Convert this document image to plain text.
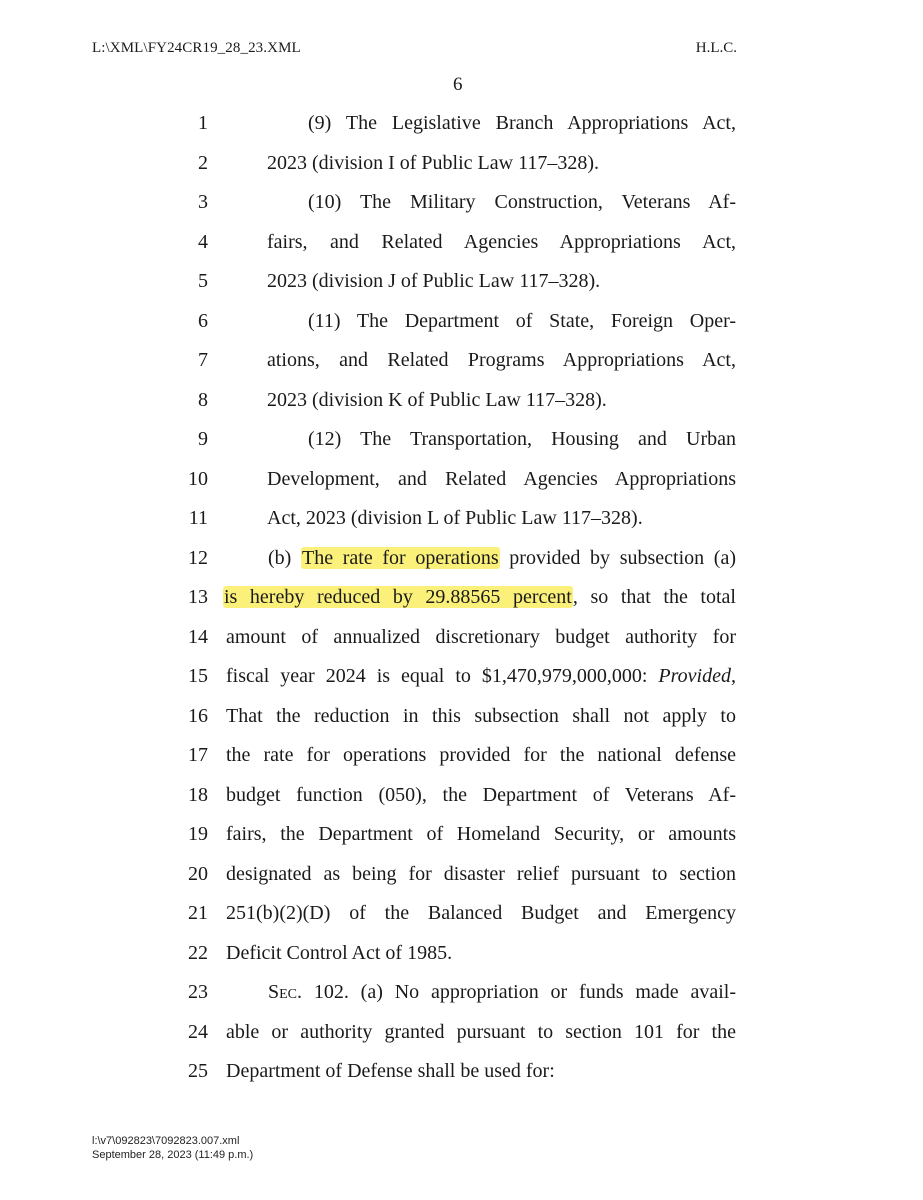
L:\XML\FY24CR19_28_23.XML	H.L.C.
6
1	(9) The Legislative Branch Appropriations Act,
2	2023 (division I of Public Law 117–328).
3	(10) The Military Construction, Veterans Af-
4	fairs, and Related Agencies Appropriations Act,
5	2023 (division J of Public Law 117–328).
6	(11) The Department of State, Foreign Oper-
7	ations, and Related Programs Appropriations Act,
8	2023 (division K of Public Law 117–328).
9	(12) The Transportation, Housing and Urban
10	Development, and Related Agencies Appropriations
11	Act, 2023 (division L of Public Law 117–328).
12	(b) The rate for operations provided by subsection (a)
13 is hereby reduced by 29.88565 percent, so that the total
14 amount of annualized discretionary budget authority for
15 fiscal year 2024 is equal to $1,470,979,000,000: Provided,
16 That the reduction in this subsection shall not apply to
17 the rate for operations provided for the national defense
18 budget function (050), the Department of Veterans Af-
19 fairs, the Department of Homeland Security, or amounts
20 designated as being for disaster relief pursuant to section
21 251(b)(2)(D) of the Balanced Budget and Emergency
22 Deficit Control Act of 1985.
23	Sec. 102. (a) No appropriation or funds made avail-
24 able or authority granted pursuant to section 101 for the
25 Department of Defense shall be used for:
l:\v7\092823\7092823.007.xml
September 28, 2023 (11:49 p.m.)
